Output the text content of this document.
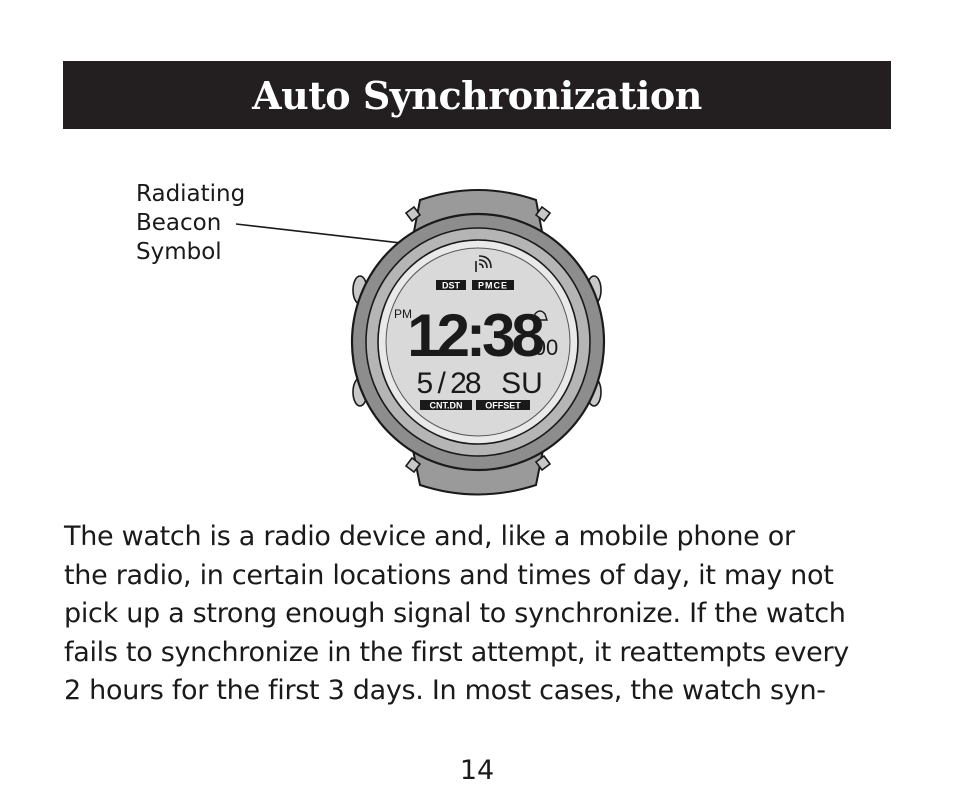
Auto Synchronization
Radiating
Beacon
Symbol
DST PMCE
PM
12:38
00
5 / 28 SU
CNT.DN	OFFSET
The watch is a radio device and, like a mobile phone or
the radio, in certain locations and times of day, it may not
pick up a strong enough signal to synchronize. If the watch
fails to synchronize in the first attempt, it reattempts every
2 hours for the first 3 days. In most cases, the watch syn-
14
